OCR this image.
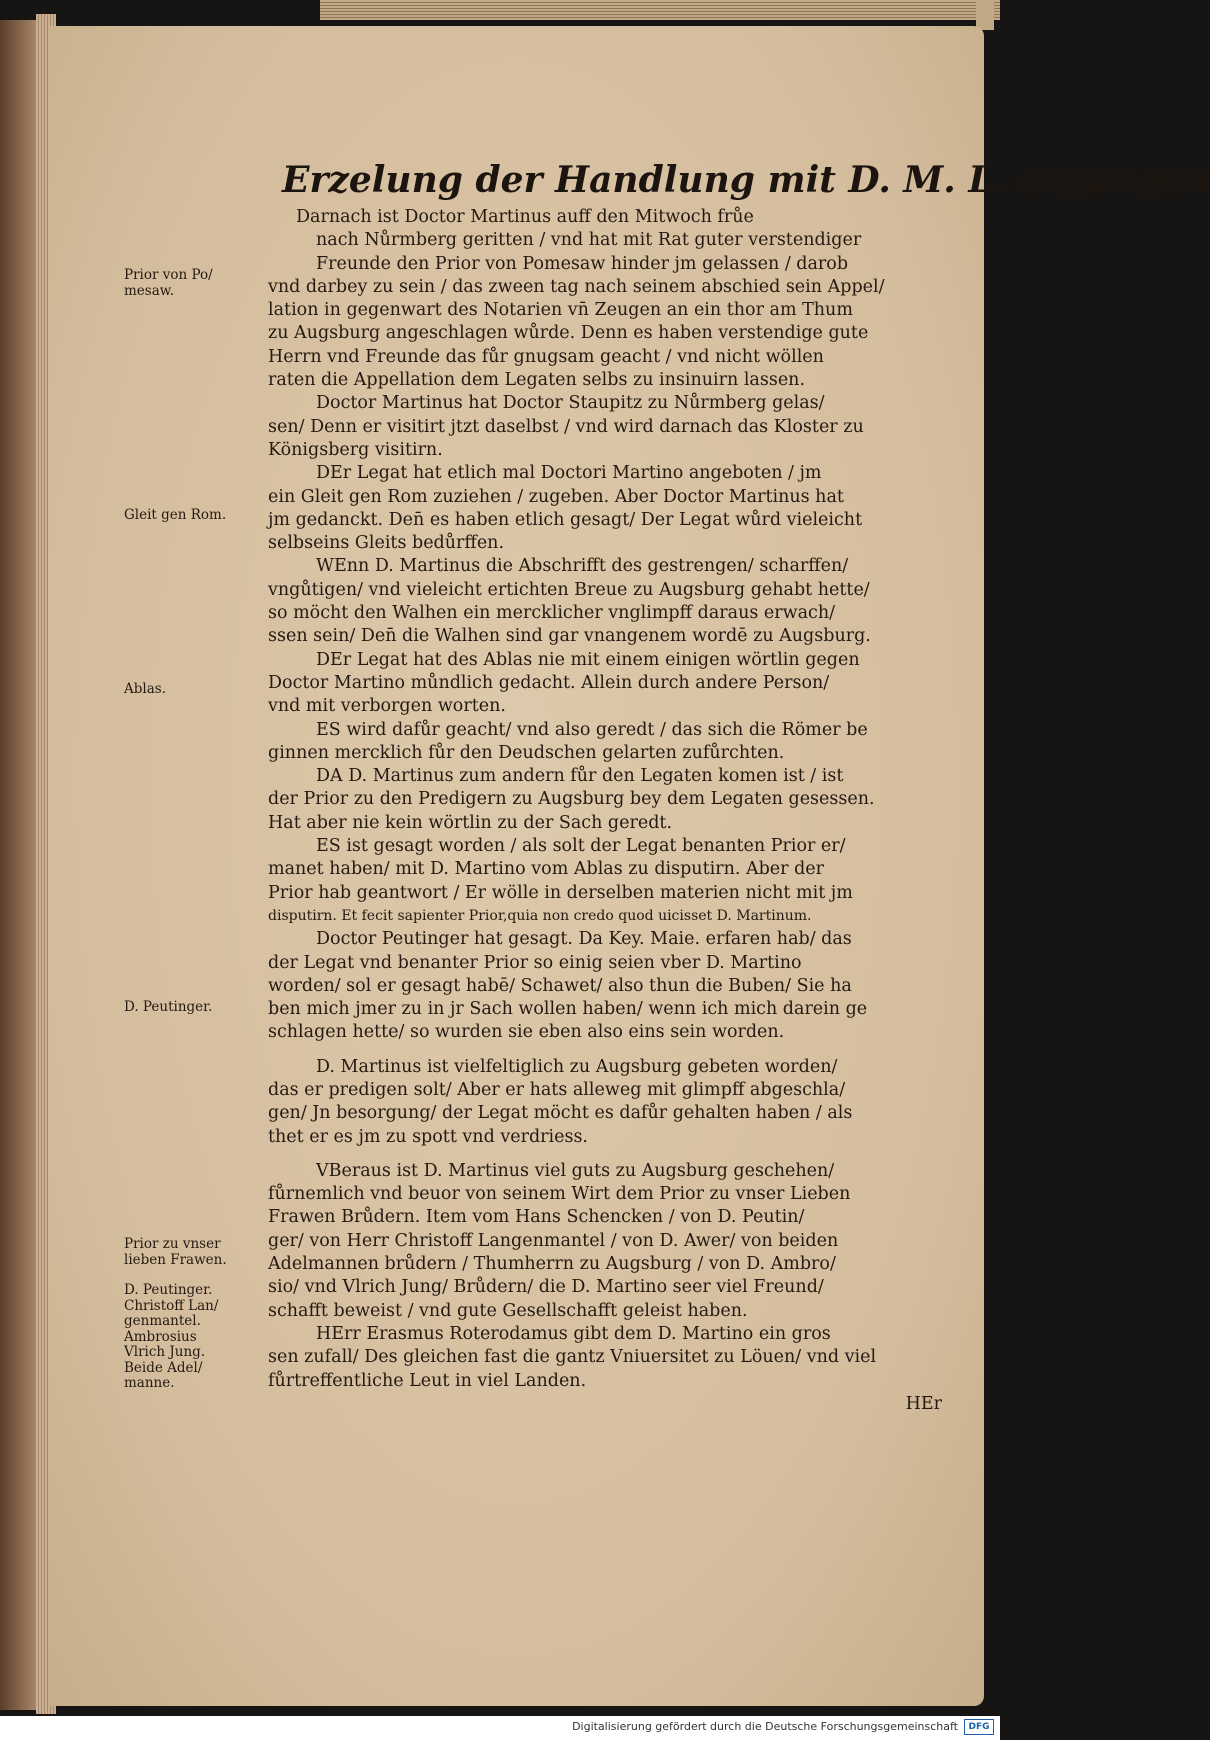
Erzelung der Handlung mit D. M. L. ergangen
Darnach ist Doctor Martinus auff den Mitwoch frůe
nach Nůrmberg geritten / vnd hat mit Rat guter verstendiger
Freunde den Prior von Pomesaw hinder jm gelassen / darob
vnd darbey zu sein / das zween tag nach seinem abschied sein Appel/
lation in gegenwart des Notarien vn̄ Zeugen an ein thor am Thum
zu Augsburg angeschlagen wůrde. Denn es haben verstendige gute
Herrn vnd Freunde das fůr gnugsam geacht / vnd nicht wöllen
raten die Appellation dem Legaten selbs zu insinuirn lassen.
Doctor Martinus hat Doctor Staupitz zu Nůrmberg gelas/
sen/ Denn er visitirt jtzt daselbst / vnd wird darnach das Kloster zu
Königsberg visitirn.
DEr Legat hat etlich mal Doctori Martino angeboten / jm
ein Gleit gen Rom zuziehen / zugeben. Aber Doctor Martinus hat
jm gedanckt. Den̄ es haben etlich gesagt/ Der Legat wůrd vieleicht
selbseins Gleits bedůrffen.
WEnn D. Martinus die Abschrifft des gestrengen/ scharffen/
vngůtigen/ vnd vieleicht ertichten Breue zu Augsburg gehabt hette/
so möcht den Walhen ein mercklicher vnglimpff daraus erwach/
ssen sein/ Den̄ die Walhen sind gar vnangenem wordē zu Augsburg.
DEr Legat hat des Ablas nie mit einem einigen wörtlin gegen
Doctor Martino můndlich gedacht. Allein durch andere Person/
vnd mit verborgen worten.
ES wird dafůr geacht/ vnd also geredt / das sich die Römer be
ginnen mercklich fůr den Deudschen gelarten zufůrchten.
DA D. Martinus zum andern fůr den Legaten komen ist / ist
der Prior zu den Predigern zu Augsburg bey dem Legaten gesessen.
Hat aber nie kein wörtlin zu der Sach geredt.
ES ist gesagt worden / als solt der Legat benanten Prior er/
manet haben/ mit D. Martino vom Ablas zu disputirn. Aber der
Prior hab geantwort / Er wölle in derselben materien nicht mit jm
disputirn. Et fecit sapienter Prior,quia non credo quod uicisset D. Martinum.
Doctor Peutinger hat gesagt. Da Key. Maie. erfaren hab/ das
der Legat vnd benanter Prior so einig seien vber D. Martino
worden/ sol er gesagt habē/ Schawet/ also thun die Buben/ Sie ha
ben mich jmer zu in jr Sach wollen haben/ wenn ich mich darein ge
schlagen hette/ so wurden sie eben also eins sein worden.
D. Martinus ist vielfeltiglich zu Augsburg gebeten worden/
das er predigen solt/ Aber er hats alleweg mit glimpff abgeschla/
gen/ Jn besorgung/ der Legat möcht es dafůr gehalten haben / als
thet er es jm zu spott vnd verdriess.
VBeraus ist D. Martinus viel guts zu Augsburg geschehen/
fůrnemlich vnd beuor von seinem Wirt dem Prior zu vnser Lieben
Frawen Brůdern. Item vom Hans Schencken / von D. Peutin/
ger/ von Herr Christoff Langenmantel / von D. Awer/ von beiden
Adelmannen brůdern / Thumherrn zu Augsburg / von D. Ambro/
sio/ vnd Vlrich Jung/ Brůdern/ die D. Martino seer viel Freund/
schafft beweist / vnd gute Gesellschafft geleist haben.
HErr Erasmus Roterodamus gibt dem D. Martino ein gros
sen zufall/ Des gleichen fast die gantz Vniuersitet zu Löuen/ vnd viel
fůrtreffentliche Leut in viel Landen.
HEr
Prior von Po/
mesaw.
Gleit gen Rom.
Ablas.
D. Peutinger.
Prior zu vnser
lieben Frawen.
D. Peutinger.
Christoff Lan/
genmantel.
Ambrosius
Vlrich Jung.
Beide Adel/
manne.
Digitalisierung gefördert durch die Deutsche Forschungsgemeinschaft	DFG
